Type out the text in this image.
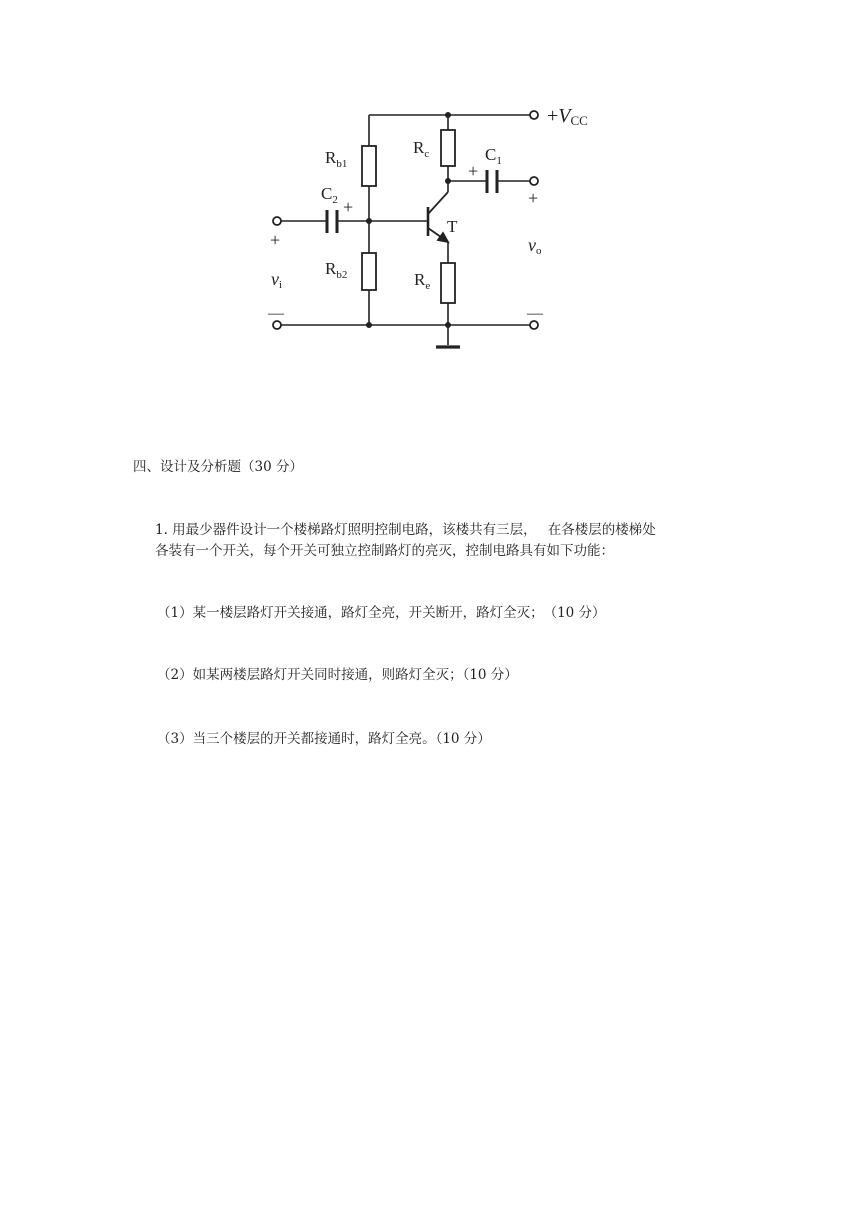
+VCC
$R_{b1}$
$R_{b2}$
$R_c$
$R_e$
$C_1$
$C_2$
+
+
T
+
vi
—
+
vo
—
四、设计及分析题（30 分）
1. 用最少器件设计一个楼梯路灯照明控制电路，该楼共有三层，　 在各楼层的楼梯处
各装有一个开关，每个开关可独立控制路灯的亮灭，控制电路具有如下功能：
（1）某一楼层路灯开关接通，路灯全亮，开关断开，路灯全灭；　（10 分）
（2）如某两楼层路灯开关同时接通，则路灯全灭；（10 分）
（3）当三个楼层的开关都接通时，路灯全亮。（10 分）
